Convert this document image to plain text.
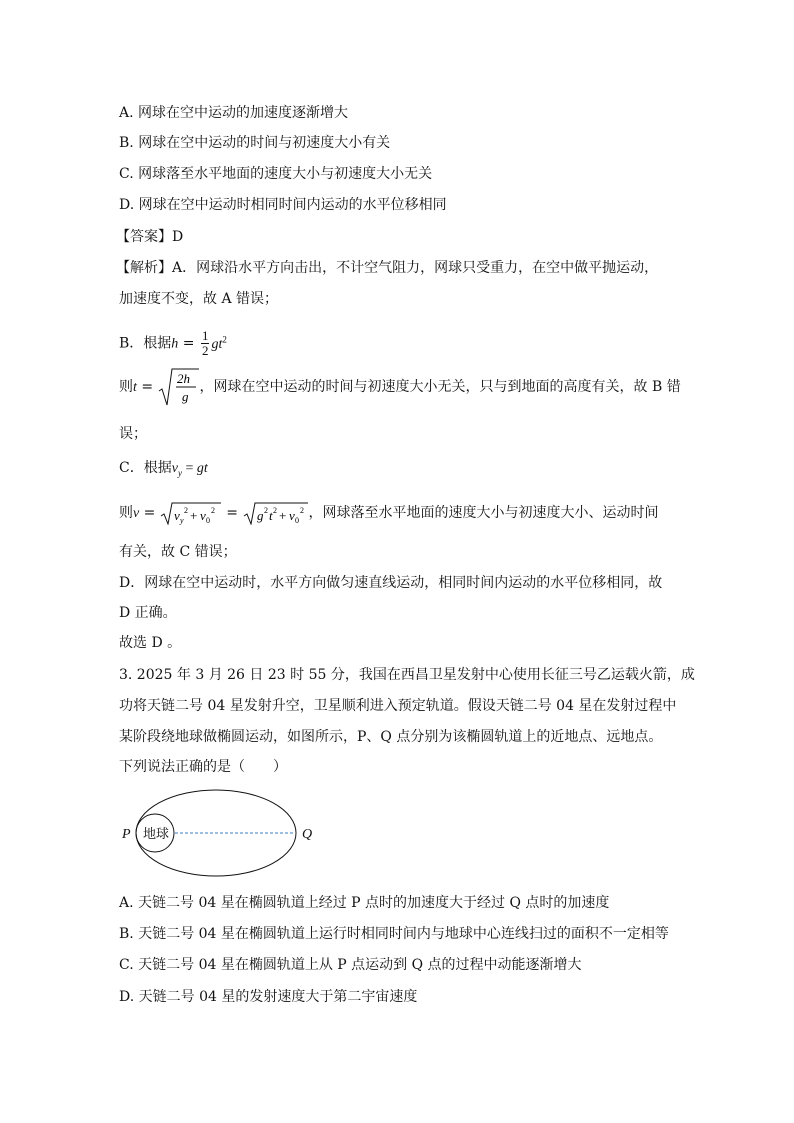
A. 网球在空中运动的加速度逐渐增大
B. 网球在空中运动的时间与初速度大小有关
C. 网球落至水平地面的速度大小与初速度大小无关
D. 网球在空中运动时相同时间内运动的水平位移相同
【答案】D
【解析】A．网球沿水平方向击出，不计空气阻力，网球只受重力，在空中做平抛运动，
加速度不变，故 A 错误；
B．根据$h = \frac{1}{2} gt^2$
则t =
2h
g
，网球在空中运动的时间与初速度大小无关，只与到地面的高度有关，故 B 错
误；
C．根据$v_y$ = gt
则v = v y
2 + v 0
2 = g 2 t 2 + v 0
2 ，网球落至水平地面的速度大小与初速度大小、运动时间
有关，故 C 错误；
D．网球在空中运动时，水平方向做匀速直线运动，相同时间内运动的水平位移相同，故
D 正确。
故选 D 。
3. 2025 年 3 月 26 日 23 时 55 分，我国在西昌卫星发射中心使用长征三号乙运载火箭，成
功将天链二号 04 星发射升空，卫星顺利进入预定轨道。假设天链二号 04 星在发射过程中
某阶段绕地球做椭圆运动，如图所示，P、Q 点分别为该椭圆轨道上的近地点、远地点。
下列说法正确的是（　　）
地球
P	Q
A. 天链二号 04 星在椭圆轨道上经过 P 点时的加速度大于经过 Q 点时的加速度
B. 天链二号 04 星在椭圆轨道上运行时相同时间内与地球中心连线扫过的面积不一定相等
C. 天链二号 04 星在椭圆轨道上从 P 点运动到 Q 点的过程中动能逐渐增大
D. 天链二号 04 星的发射速度大于第二宇宙速度
